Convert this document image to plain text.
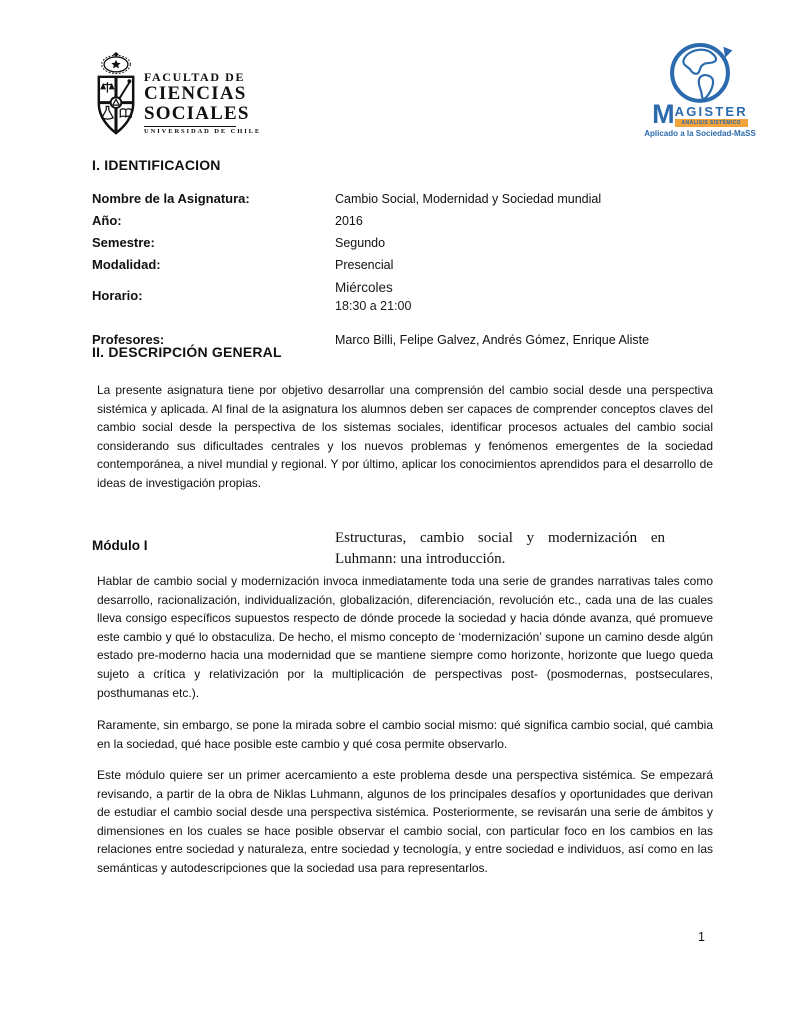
FACULTAD DE
CIENCIAS
SOCIALES
UNIVERSIDAD DE CHILE
M AGISTER
ANÁLISIS SISTÉMICO
Aplicado a la Sociedad-MaSS
I. IDENTIFICACION
Nombre de la Asignatura:	Cambio Social, Modernidad y Sociedad mundial
Año:	2016
Semestre:	Segundo
Modalidad:	Presencial
Horario:
Miércoles
18:30 a 21:00
Profesores:	Marco Billi, Felipe Galvez, Andrés Gómez, Enrique Aliste
II. DESCRIPCIÓN GENERAL
La presente asignatura tiene por objetivo desarrollar una comprensión del cambio social desde una perspectiva sistémica y aplicada. Al final de la asignatura los alumnos deben ser capaces de comprender conceptos claves del cambio social desde la perspectiva de los sistemas sociales, identificar procesos actuales del cambio social considerando sus dificultades centrales y los nuevos problemas y fenómenos emergentes de la sociedad contemporánea, a nivel mundial y regional. Y por último, aplicar los conocimientos aprendidos para el desarrollo de ideas de investigación propias.
Módulo I	Estructuras, cambio social y modernización en
Luhmann: una introducción.
Hablar de cambio social y modernización invoca inmediatamente toda una serie de grandes narrativas tales como desarrollo, racionalización, individualización, globalización, diferenciación, revolución etc., cada una de las cuales lleva consigo específicos supuestos respecto de dónde procede la sociedad y hacia dónde avanza, qué promueve este cambio y qué lo obstaculiza. De hecho, el mismo concepto de ‘modernización’ supone un camino desde algún estado pre-moderno hacia una modernidad que se mantiene siempre como horizonte, horizonte que luego queda sujeto a crítica y relativización por la multiplicación de perspectivas post- (posmodernas, postseculares, posthumanas etc.).
Raramente, sin embargo, se pone la mirada sobre el cambio social mismo: qué significa cambio social, qué cambia en la sociedad, qué hace posible este cambio y qué cosa permite observarlo.
Este módulo quiere ser un primer acercamiento a este problema desde una perspectiva sistémica. Se empezará revisando, a partir de la obra de Niklas Luhmann, algunos de los principales desafíos y oportunidades que derivan de estudiar el cambio social desde una perspectiva sistémica. Posteriormente, se revisarán una serie de ámbitos y dimensiones en los cuales se hace posible observar el cambio social, con particular foco en los cambios en las relaciones entre sociedad y naturaleza, entre sociedad y tecnología, y entre sociedad e individuos, así como en las semánticas y autodescripciones que la sociedad usa para representarlos.
1
